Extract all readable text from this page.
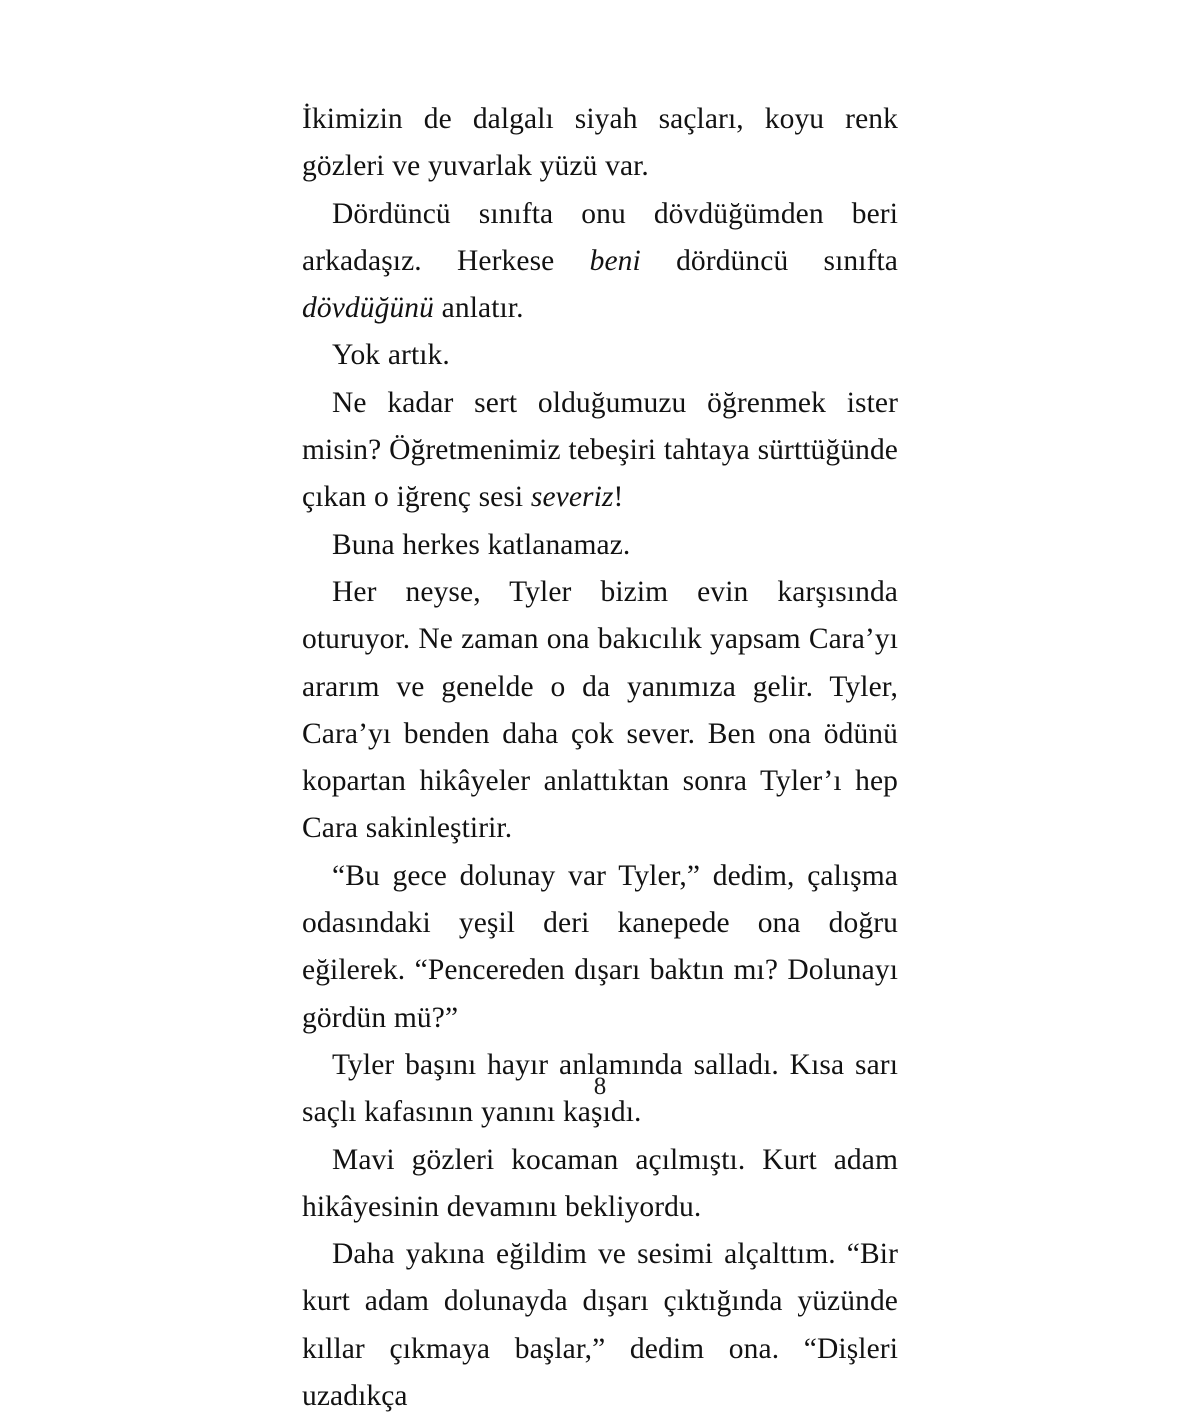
İkimizin de dalgalı siyah saçları, koyu renk gözleri ve yuvarlak yüzü var.

Dördüncü sınıfta onu dövdüğümden beri arkadaşız. Herkese beni dördüncü sınıfta dövdüğünü anlatır.

Yok artık.

Ne kadar sert olduğumuzu öğrenmek ister misin? Öğretmenimiz tebeşiri tahtaya sürttüğünde çıkan o iğrenç sesi severiz!

Buna herkes katlanamaz.

Her neyse, Tyler bizim evin karşısında oturuyor. Ne zaman ona bakıcılık yapsam Cara’yı ararım ve genelde o da yanımıza gelir. Tyler, Cara’yı benden daha çok sever. Ben ona ödünü kopartan hikâyeler anlattıktan sonra Tyler’ı hep Cara sakinleştirir.

“Bu gece dolunay var Tyler,” dedim, çalışma odasındaki yeşil deri kanepede ona doğru eğilerek. “Pencereden dışarı baktın mı? Dolunayı gördün mü?”

Tyler başını hayır anlamında salladı. Kısa sarı saçlı kafasının yanını kaşıdı.

Mavi gözleri kocaman açılmıştı. Kurt adam hikâyesinin devamını bekliyordu.

Daha yakına eğildim ve sesimi alçalttım. “Bir kurt adam dolunayda dışarı çıktığında yüzünde kıllar çıkmaya başlar,” dedim ona. “Dişleri uzadıkça

8
